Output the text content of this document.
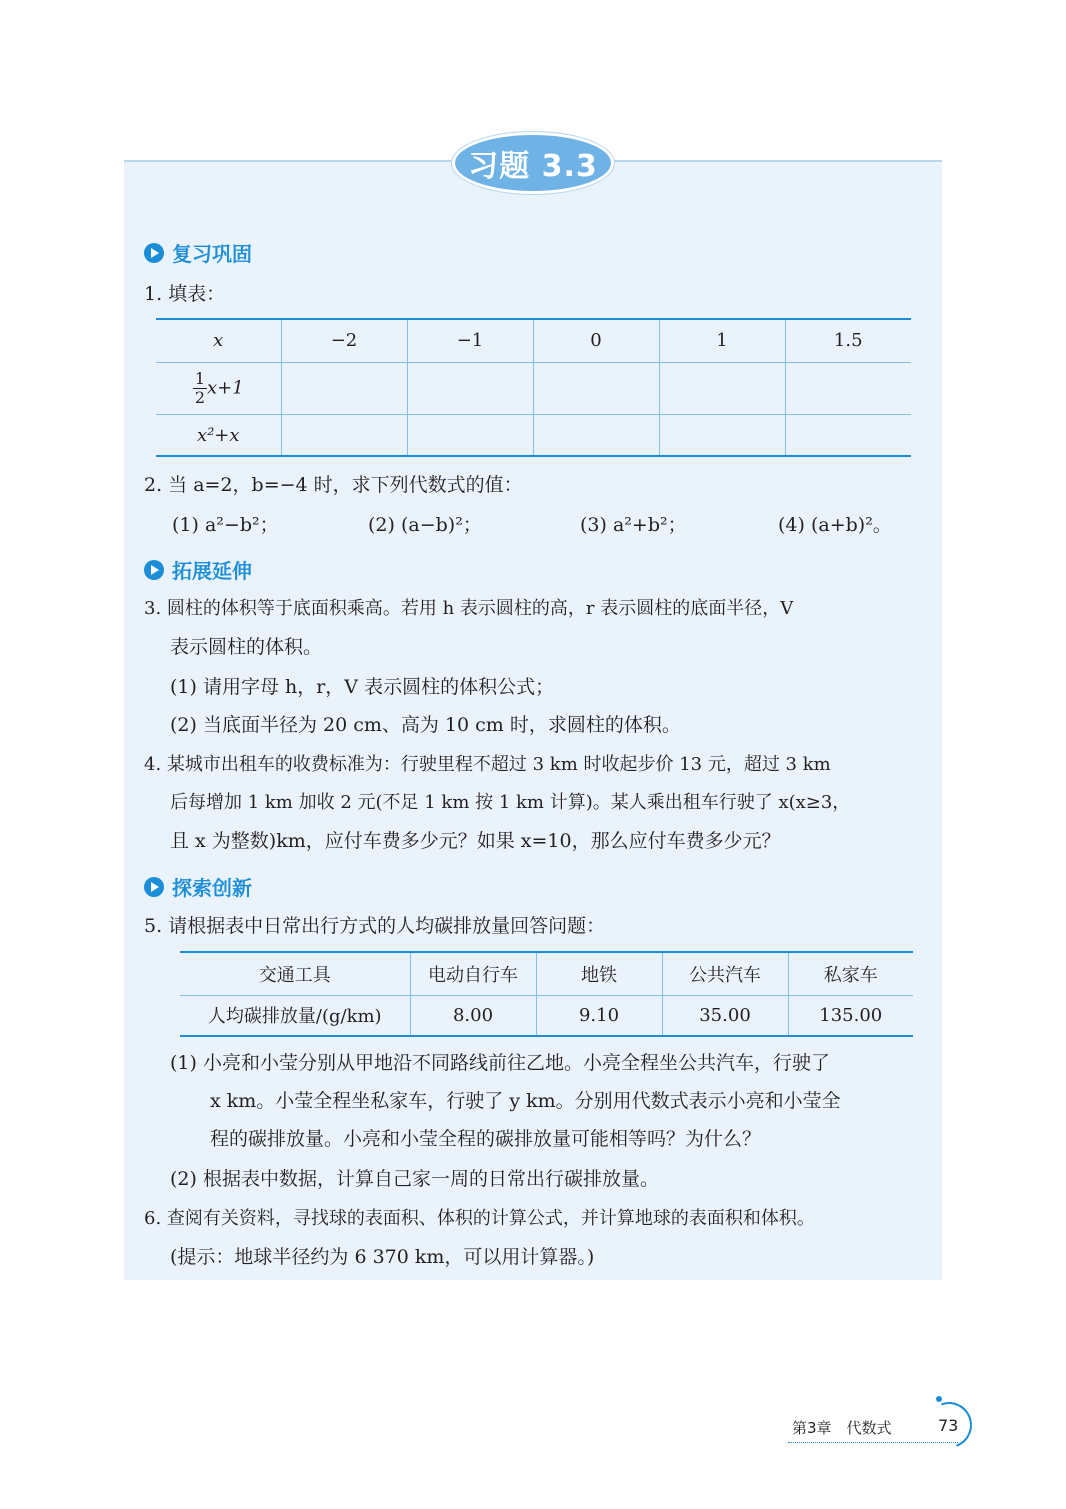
习题 3.3
复习巩固
1. 填表：
x	−2	−1	0	1	1.5

$\frac{1}{2} x+1$					
x²+x					
2. 当 a=2，b=−4 时，求下列代数式的值：
(1) a²−b²；	(2) (a−b)²；	(3) a²+b²；	(4) (a+b)²。
拓展延伸
3. 圆柱的体积等于底面积乘高。若用 h 表示圆柱的高，r 表示圆柱的底面半径，V
表示圆柱的体积。
(1) 请用字母 h，r，V 表示圆柱的体积公式；
(2) 当底面半径为 20 cm、高为 10 cm 时，求圆柱的体积。
4. 某城市出租车的收费标准为：行驶里程不超过 3 km 时收起步价 13 元，超过 3 km
后每增加 1 km 加收 2 元(不足 1 km 按 1 km 计算)。某人乘出租车行驶了 x(x≥3，
且 x 为整数)km，应付车费多少元？如果 x=10，那么应付车费多少元？
探索创新
5. 请根据表中日常出行方式的人均碳排放量回答问题：
交通工具	电动自行车	地铁	公共汽车	私家车
人均碳排放量/(g/km)	8.00	9.10	35.00	135.00
(1) 小亮和小莹分别从甲地沿不同路线前往乙地。小亮全程坐公共汽车，行驶了
x km。小莹全程坐私家车，行驶了 y km。分别用代数式表示小亮和小莹全
程的碳排放量。小亮和小莹全程的碳排放量可能相等吗？为什么？
(2) 根据表中数据，计算自己家一周的日常出行碳排放量。
6. 查阅有关资料，寻找球的表面积、体积的计算公式，并计算地球的表面积和体积。
(提示：地球半径约为 6 370 km，可以用计算器。)
第3章　代数式	73
